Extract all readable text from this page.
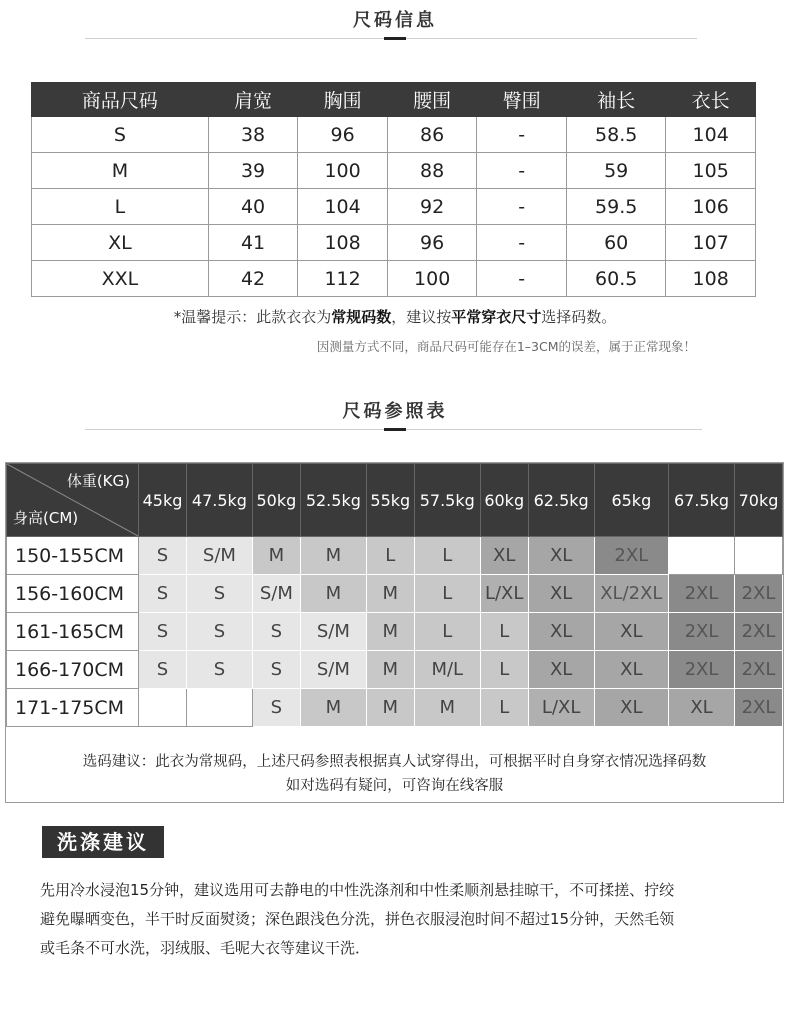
尺码信息
商品尺码	肩宽	胸围	腰围	臀围	袖长	衣长
S	38	96	86	-	58.5	104
M	39	100	88	-	59	105
L	40	104	92	-	59.5	106
XL	41	108	96	-	60	107
XXL	42	112	100	-	60.5	108
*温馨提示：此款衣衣为常规码数，建议按平常穿衣尺寸选择码数。
因测量方式不同，商品尺码可能存在1–3CM的误差，属于正常现象！
尺码参照表
体重(KG)
身高(CM)	45kg	47.5kg	50kg	52.5kg	55kg	57.5kg	60kg	62.5kg	65kg	67.5kg	70kg
150-155CM	S	S/M	M	M	L	L	XL	XL	2XL		
156-160CM	S	S	S/M	M	M	L	L/XL	XL	XL/2XL	2XL	2XL
161-165CM	S	S	S	S/M	M	L	L	XL	XL	2XL	2XL
166-170CM	S	S	S	S/M	M	M/L	L	XL	XL	2XL	2XL
171-175CM			S	M	M	M	L	L/XL	XL	XL	2XL
选码建议：此衣为常规码，上述尺码参照表根据真人试穿得出，可根据平时自身穿衣情况选择码数
如对选码有疑问，可咨询在线客服
洗涤建议
先用冷水浸泡15分钟，建议选用可去静电的中性洗涤剂和中性柔顺剂悬挂晾干，不可揉搓、拧绞
避免曝晒变色，半干时反面熨烫；深色跟浅色分洗，拼色衣服浸泡时间不超过15分钟，天然毛领
或毛条不可水洗，羽绒服、毛呢大衣等建议干洗．
